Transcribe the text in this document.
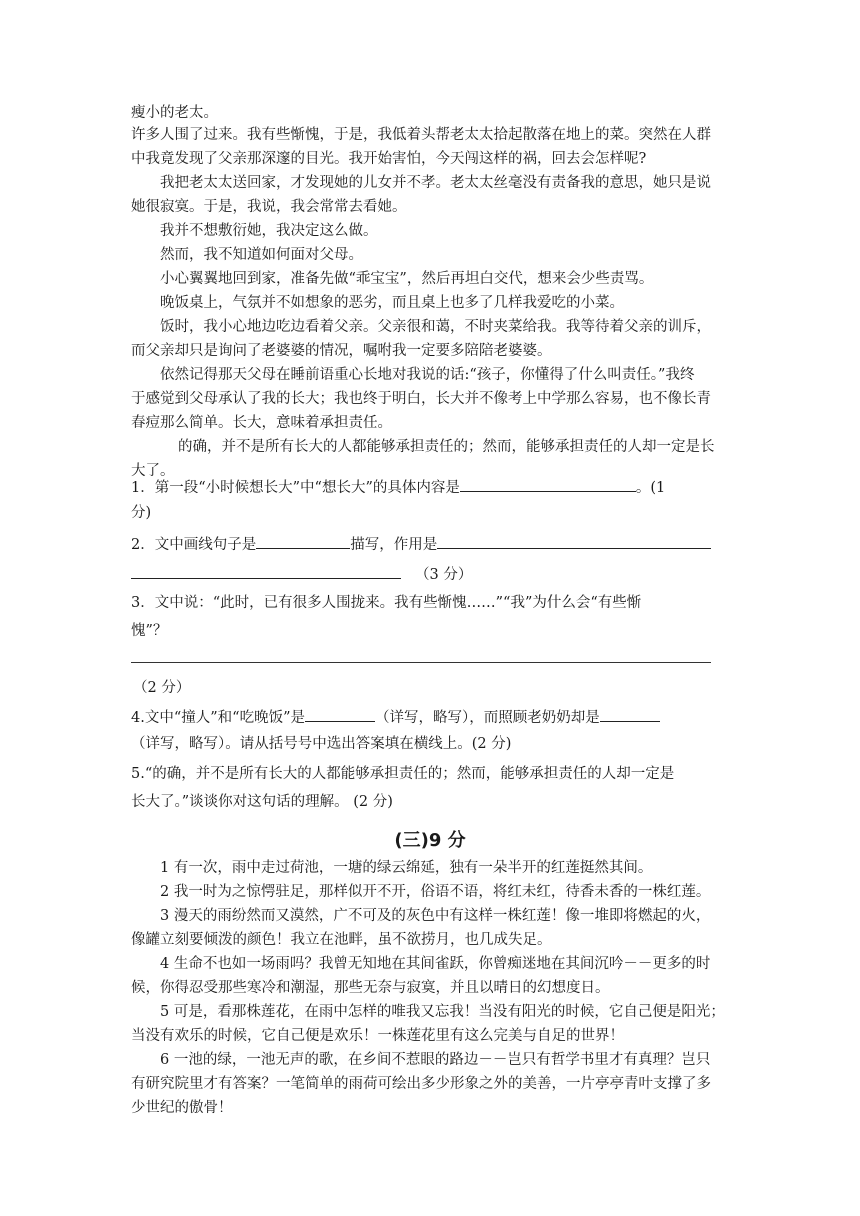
瘦小的老太。
许多人围了过来。我有些惭愧，于是，我低着头帮老太太拾起散落在地上的菜。突然在人群
中我竟发现了父亲那深邃的目光。我开始害怕，今天闯这样的祸，回去会怎样呢?
我把老太太送回家，才发现她的儿女并不孝。老太太丝毫没有责备我的意思，她只是说
她很寂寞。于是，我说，我会常常去看她。
我并不想敷衍她，我决定这么做。
然而，我不知道如何面对父母。
小心翼翼地回到家，准备先做“乖宝宝”，然后再坦白交代，想来会少些责骂。
晚饭桌上，气氛并不如想象的恶劣，而且桌上也多了几样我爱吃的小菜。
饭时，我小心地边吃边看着父亲。父亲很和蔼，不时夹菜给我。我等待着父亲的训斥，
而父亲却只是询问了老婆婆的情况，嘱咐我一定要多陪陪老婆婆。
依然记得那天父母在睡前语重心长地对我说的话:“孩子，你懂得了什么叫责任。”我终
于感觉到父母承认了我的长大；我也终于明白，长大并不像考上中学那么容易，也不像长青
春痘那么简单。长大，意味着承担责任。
的确，并不是所有长大的人都能够承担责任的；然而，能够承担责任的人却一定是长
大了。
1．第一段“小时候想长大”中“想长大”的具体内容是	。(1
分)
2．文中画线句子是	描写，作用是
（3 分）
3．文中说：“此时，已有很多人围拢来。我有些惭愧……”“我”为什么会“有些惭
愧”？
（2 分）
4.文中“撞人”和“吃晚饭”是	（详写，略写），而照顾老奶奶却是
（详写，略写）。请从括号号中选出答案填在横线上。(2 分)
5.“的确，并不是所有长大的人都能够承担责任的；然而，能够承担责任的人却一定是
长大了。”谈谈你对这句话的理解。 (2 分)
(三)9 分
1 有一次，雨中走过荷池，一塘的绿云绵延，独有一朵半开的红莲挺然其间。
2 我一时为之惊愕驻足，那样似开不开，俗语不语，将红未红，待香未香的一株红莲。
3 漫天的雨纷然而又漠然，广不可及的灰色中有这样一株红莲！像一堆即将燃起的火，
像罐立刻要倾泼的颜色！我立在池畔，虽不欲捞月，也几成失足。
4 生命不也如一场雨吗？我曾无知地在其间雀跃，你曾痴迷地在其间沉吟－－更多的时
候，你得忍受那些寒冷和潮湿，那些无奈与寂寞，并且以晴日的幻想度日。
5 可是，看那株莲花，在雨中怎样的唯我又忘我！当没有阳光的时候，它自己便是阳光；
当没有欢乐的时候，它自己便是欢乐！一株莲花里有这么完美与自足的世界！
6 一池的绿，一池无声的歌，在乡间不惹眼的路边－－岂只有哲学书里才有真理？岂只
有研究院里才有答案？一笔简单的雨荷可绘出多少形象之外的美善，一片亭亭青叶支撑了多
少世纪的傲骨！
